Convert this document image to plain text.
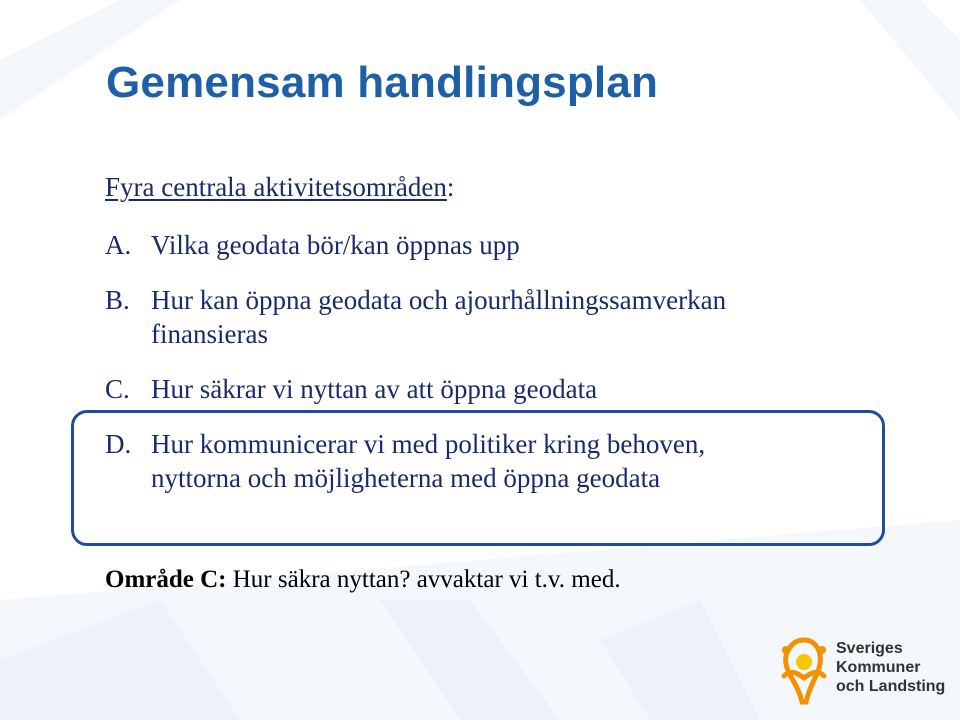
Gemensam handlingsplan
Fyra centrala aktivitetsområden:
A. Vilka geodata bör/kan öppnas upp
B. Hur kan öppna geodata och ajourhållningssamverkan
finansieras
C. Hur säkrar vi nyttan av att öppna geodata
D. Hur kommunicerar vi med politiker kring behoven,
nyttorna och möjligheterna med öppna geodata
Område C: Hur säkra nyttan? avvaktar vi t.v. med.
Sveriges
Kommuner
och Landsting
